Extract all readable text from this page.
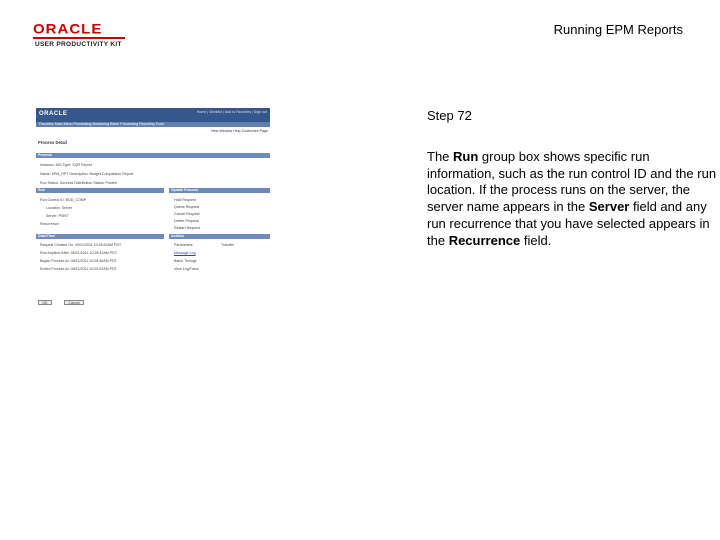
ORACLE
USER PRODUCTIVITY KIT
Running EPM Reports
ORACLE	Home | Worklist | Add to Favorites | Sign out
Favorites Main Menu Processing Monitoring Batch Processing Reporting Tools
New Window Help Customize Page
Process Detail
Process
Instance: 893 Type: SQR Report
Name: EPM_RPT Description: Budget Comparison Report
Run Status: Success Distribution Status: Posted
Run	Update Process
Run Control ID: BUD_COMP
Location: Server
Server: PSNT
Recurrence:
Hold Request
Queue Request
Cancel Request
Delete Request
Restart Request
Date/Time	Actions
Request Created On: 09/21/2011 10:28:42AM PDT
Run Anytime After: 09/21/2011 10:28:42AM PDT
Began Process At: 09/21/2011 10:28:46AM PDT
Ended Process At: 09/21/2011 10:29:02AM PDT
Parameters	Transfer
Message Log
Batch Timings
View Log/Trace
OK	Cancel
Step 72
The Run group box shows specific run information, such as the run control ID and the run location. If the process runs on the server, the server name appears in the Server field and any run recurrence that you have selected appears in the Recurrence field.
